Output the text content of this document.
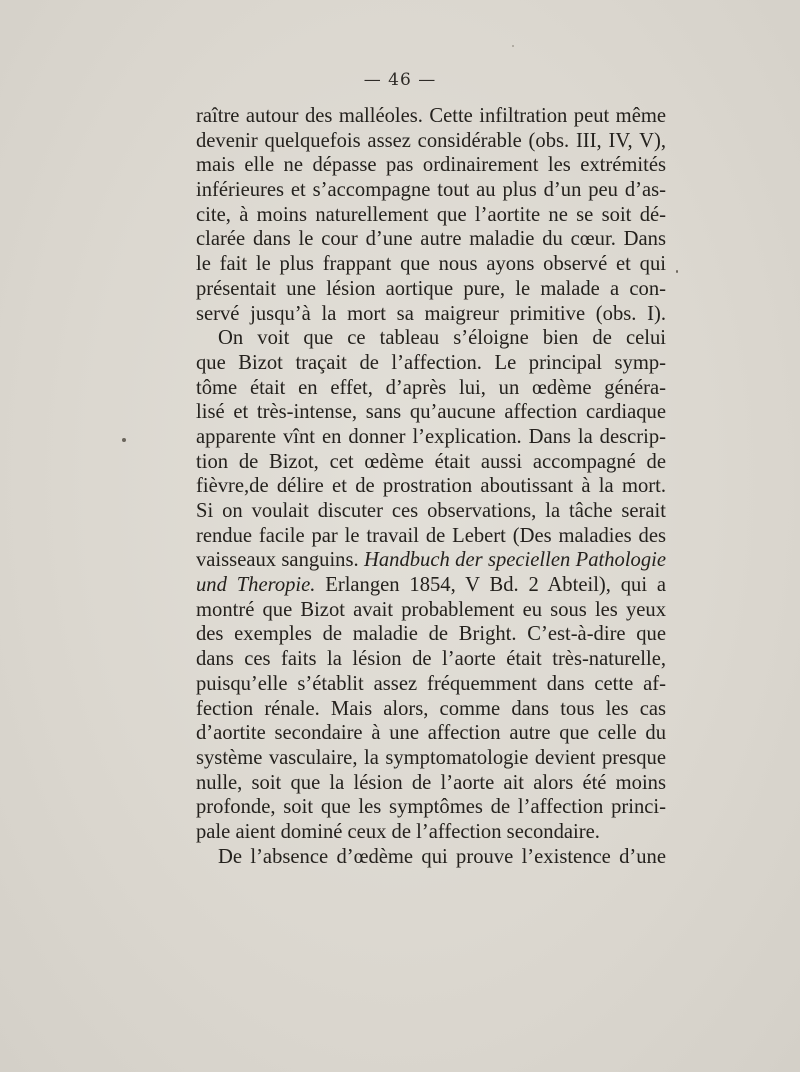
— 46 —
raître autour des malléoles. Cette infiltration peut même
devenir quelquefois assez considérable (obs. III, IV, V),
mais elle ne dépasse pas ordinairement les extrémités
inférieures et s’accompagne tout au plus d’un peu d’as-
cite, à moins naturellement que l’aortite ne se soit dé-
clarée dans le cour d’une autre maladie du cœur. Dans
le fait le plus frappant que nous ayons observé et qui
présentait une lésion aortique pure, le malade a con-
servé jusqu’à la mort sa maigreur primitive (obs. I).
On voit que ce tableau s’éloigne bien de celui
que Bizot traçait de l’affection. Le principal symp-
tôme était en effet, d’après lui, un œdème généra-
lisé et très-intense, sans qu’aucune affection cardiaque
apparente vînt en donner l’explication. Dans la descrip-
tion de Bizot, cet œdème était aussi accompagné de
fièvre,de délire et de prostration aboutissant à la mort.
Si on voulait discuter ces observations, la tâche serait
rendue facile par le travail de Lebert (Des maladies des
vaisseaux sanguins. Handbuch der speciellen Pathologie
und Theropie. Erlangen 1854, V Bd. 2 Abteil), qui a
montré que Bizot avait probablement eu sous les yeux
des exemples de maladie de Bright. C’est-à-dire que
dans ces faits la lésion de l’aorte était très-naturelle,
puisqu’elle s’établit assez fréquemment dans cette af-
fection rénale. Mais alors, comme dans tous les cas
d’aortite secondaire à une affection autre que celle du
système vasculaire, la symptomatologie devient presque
nulle, soit que la lésion de l’aorte ait alors été moins
profonde, soit que les symptômes de l’affection princi-
pale aient dominé ceux de l’affection secondaire.
De l’absence d’œdème qui prouve l’existence d’une
